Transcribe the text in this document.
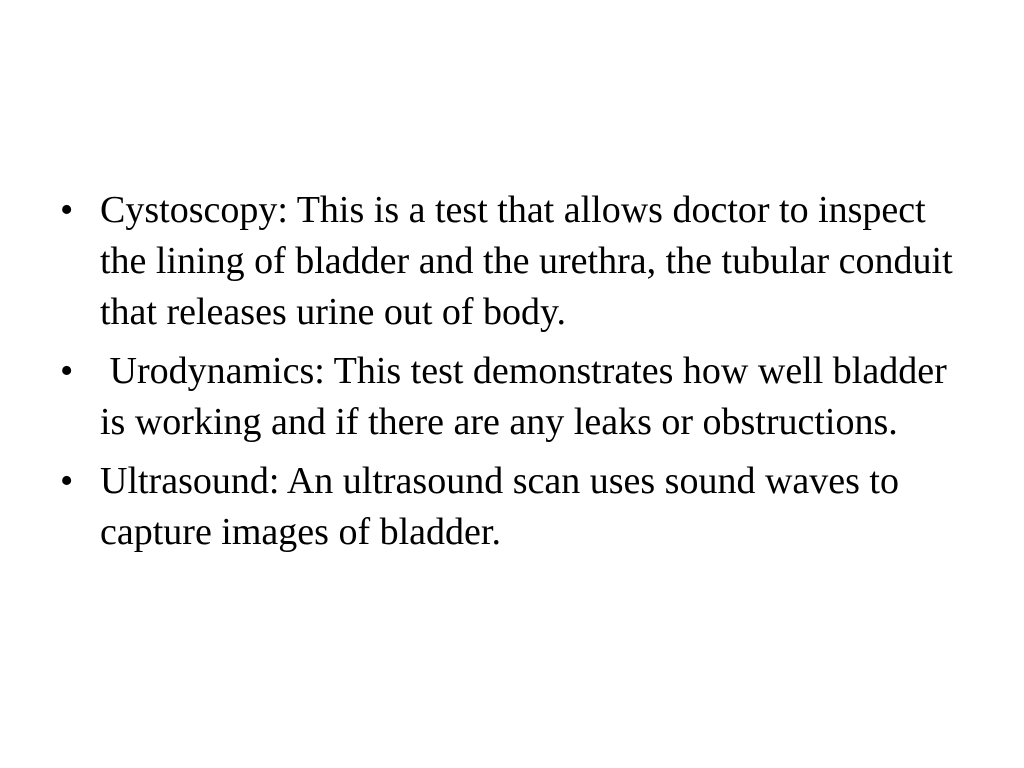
• Cystoscopy: This is a test that allows doctor to inspect the lining of bladder and the urethra, the tubular conduit that releases urine out of body.
• Urodynamics: This test demonstrates how well bladder is working and if there are any leaks or obstructions.
• Ultrasound: An ultrasound scan uses sound waves to capture images of bladder.
